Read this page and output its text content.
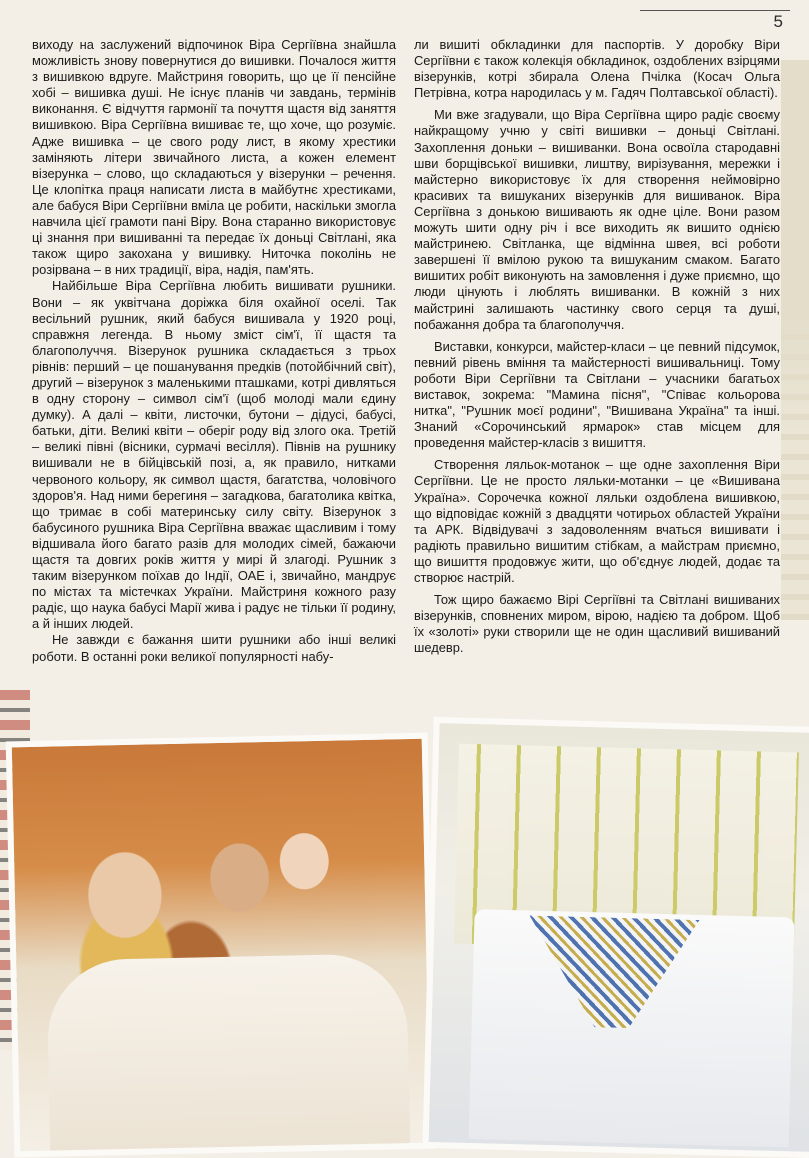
5

виходу на заслужений відпочинок Віра Сергіївна знайшла можливість знову повернутися до вишивки. Почалося життя з вишивкою вдруге. Майстриня говорить, що це її пенсійне хобі – вишивка душі. Не існує планів чи завдань, термінів виконання. Є відчуття гармонії та почуття щастя від заняття вишивкою. Віра Сергіївна вишиває те, що хоче, що розуміє. Адже вишивка – це свого роду лист, в якому хрестики заміняють літери звичайного листа, а кожен елемент візерунка – слово, що складаються у візерунки – речення. Це клопітка праця написати листа в майбутнє хрестиками, але бабуся Віри Сергіївни вміла це робити, наскільки змогла навчила цієї грамоти пані Віру. Вона старанно використовує ці знання при вишиванні та передає їх доньці Світлані, яка також щиро закохана у вишивку. Ниточка поколінь не розірвана – в них традиції, віра, надія, пам'ять.

Найбільше Віра Сергіївна любить вишивати рушники. Вони – як уквітчана доріжка біля охайної оселі. Так весільний рушник, який бабуся вишивала у 1920 році, справжня легенда. В ньому зміст сім'ї, її щастя та благополуччя. Візерунок рушника складається з трьох рівнів: перший – це пошанування предків (потойбічний світ), другий – візерунок з маленькими пташками, котрі дивляться в одну сторону – символ сім'ї (щоб молоді мали єдину думку). А далі – квіти, листочки, бутони – дідусі, бабусі, батьки, діти. Великі квіти – оберіг роду від злого ока. Третій – великі півні (вісники, сурмачі весілля). Півнів на рушнику вишивали не в бійцівській позі, а, як правило, нитками червоного кольору, як символ щастя, багатства, чоловічого здоров'я. Над ними берегиня – загадкова, багатолика квітка, що тримає в собі материнську силу світу. Візерунок з бабусиного рушника Віра Сергіївна вважає щасливим і тому відшивала його багато разів для молодих сімей, бажаючи щастя та довгих років життя у мирі й злагоді. Рушник з таким візерунком поїхав до Індії, ОАЕ і, звичайно, мандрує по містах та містечках України. Майстриня кожного разу радіє, що наука бабусі Марії жива і радує не тільки її родину, а й інших людей.

Не завжди є бажання шити рушники або інші великі роботи. В останні роки великої популярності набу-

ли вишиті обкладинки для паспортів. У доробку Віри Сергіївни є також колекція обкладинок, оздоблених взірцями візерунків, котрі збирала Олена Пчілка (Косач Ольга Петрівна, котра народилась у м. Гадяч Полтавської області).

Ми вже згадували, що Віра Сергіївна щиро радіє своєму найкращому учню у світі вишивки – доньці Світлані. Захоплення доньки – вишиванки. Вона освоїла стародавні шви борщівської вишивки, лиштву, вирізування, мережки і майстерно використовує їх для створення неймовірно красивих та вишуканих візерунків для вишиванок. Віра Сергіївна з донькою вишивають як одне ціле. Вони разом можуть шити одну річ і все виходить як вишито однією майстринею. Світланка, ще відмінна швея, всі роботи завершені її вмілою рукою та вишуканим смаком. Багато вишитих робіт виконують на замовлення і дуже приємно, що люди цінують і люблять вишиванки. В кожній з них майстрині залишають частинку свого серця та душі, побажання добра та благополуччя.

Виставки, конкурси, майстер-класи – це певний підсумок, певний рівень вміння та майстерності вишивальниці. Тому роботи Віри Сергіївни та Світлани – учасники багатьох виставок, зокрема: "Мамина пісня", "Співає кольорова нитка", "Рушник моєї родини", "Вишивана Україна" та інші. Знаний «Сорочинський ярмарок» став місцем для проведення майстер-класів з вишиття.

Створення ляльок-мотанок – ще одне захоплення Віри Сергіївни. Це не просто ляльки-мотанки – це «Вишивана Україна». Сорочечка кожної ляльки оздоблена вишивкою, що відповідає кожній з двадцяти чотирьох областей України та АРК. Відвідувачі з задоволенням вчаться вишивати і радіють правильно вишитим стібкам, а майстрам приємно, що вишиття продовжує жити, що об'єднує людей, додає та створює настрій.

Тож щиро бажаємо Вірі Сергіївні та Світлані вишиваних візерунків, сповнених миром, вірою, надією та добром. Щоб їх «золоті» руки створили ще не один щасливий вишиваний шедевр.
